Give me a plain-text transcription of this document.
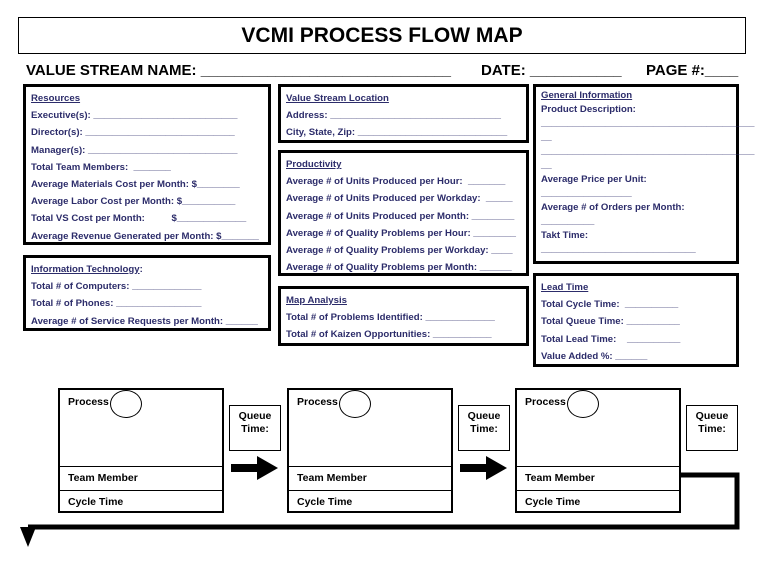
VCMI PROCESS FLOW MAP
VALUE STREAM NAME: ______________________________ DATE: ___________ PAGE #:____
Resources
Executive(s): ___________________________
Director(s): ____________________________
Manager(s): ____________________________
Total Team Members:  _______
Average Materials Cost per Month: $________
Average Labor Cost per Month: $__________
Total VS Cost per Month:          $_____________
Average Revenue Generated per Month: $_______
Information Technology:
Total # of Computers: _____________
Total # of Phones: ________________
Average # of Service Requests per Month: ______
Value Stream Location
Address: ________________________________
City, State, Zip: ____________________________
Productivity
Average # of Units Produced per Hour:  _______
Average # of Units Produced per Workday:  _____
Average # of Units Produced per Month: ________
Average # of Quality Problems per Hour: ________
Average # of Quality Problems per Workday: ____
Average # of Quality Problems per Month: ______
Map Analysis
Total # of Problems Identified: _____________
Total # of Kaizen Opportunities: ___________
General Information
Product Description:
________________________________________
__
________________________________________
__
Average Price per Unit:
_________________
Average # of Orders per Month:
__________
Takt Time:
_____________________________
Lead Time
Total Cycle Time:  __________
Total Queue Time: __________
Total Lead Time:    __________
Value Added %: ______
Process
Team Member
Cycle Time
Process
Team Member
Cycle Time
Process
Team Member
Cycle Time
Queue
Time:
Queue
Time:
Queue
Time:
